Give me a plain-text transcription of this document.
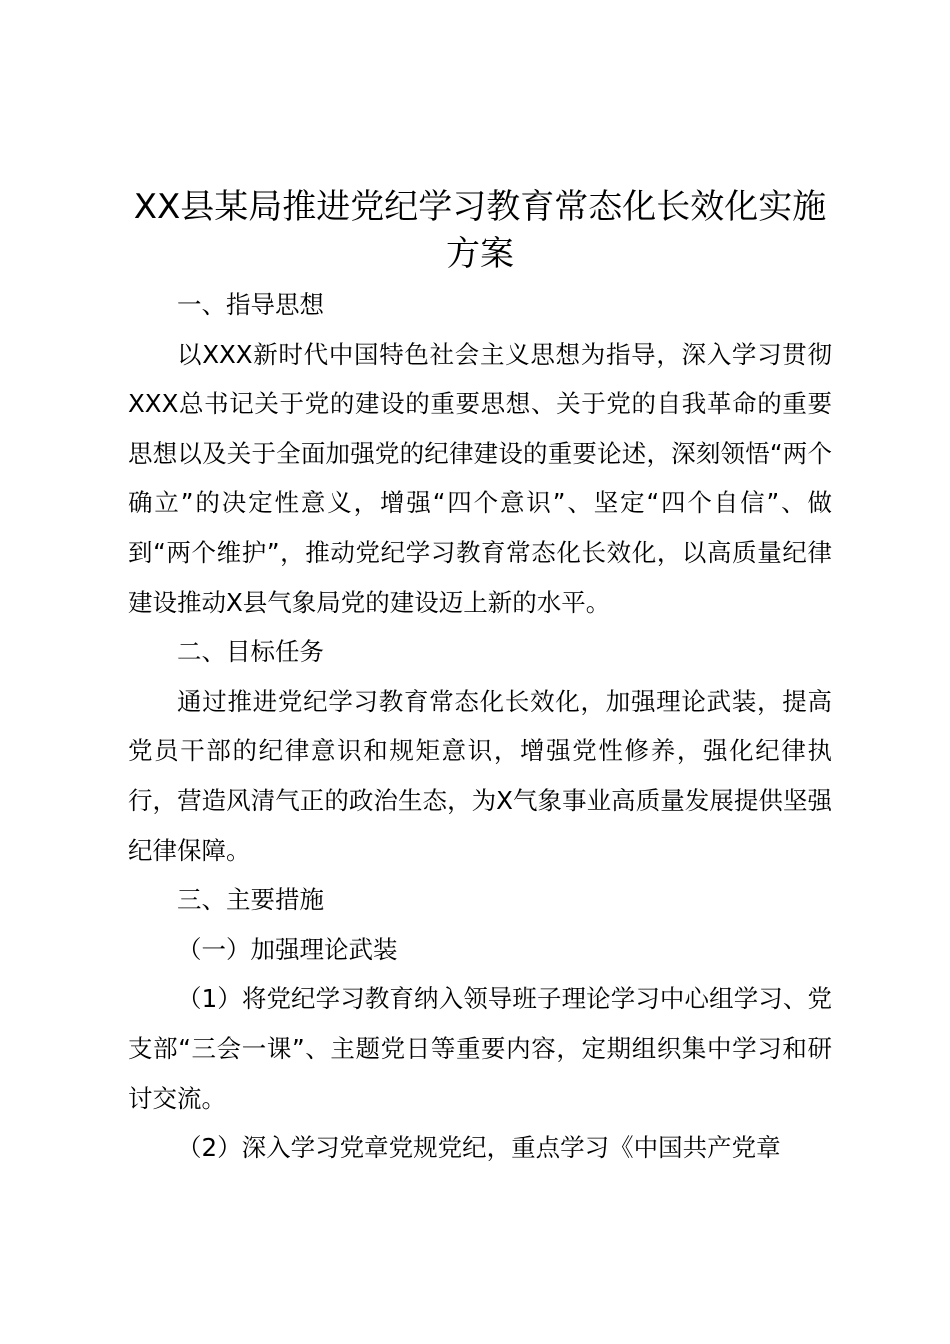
XX县某局推进党纪学习教育常态化长效化实施方案

一、指导思想

以XXX新时代中国特色社会主义思想为指导，深入学习贯彻XXX总书记关于党的建设的重要思想、关于党的自我革命的重要思想以及关于全面加强党的纪律建设的重要论述，深刻领悟“两个确立”的决定性意义，增强“四个意识”、坚定“四个自信”、做到“两个维护”，推动党纪学习教育常态化长效化，以高质量纪律建设推动X县气象局党的建设迈上新的水平。

二、目标任务

通过推进党纪学习教育常态化长效化，加强理论武装，提高党员干部的纪律意识和规矩意识，增强党性修养，强化纪律执行，营造风清气正的政治生态，为X气象事业高质量发展提供坚强纪律保障。

三、主要措施

（一）加强理论武装

（1）将党纪学习教育纳入领导班子理论学习中心组学习、党支部“三会一课”、主题党日等重要内容，定期组织集中学习和研讨交流。

（2）深入学习党章党规党纪，重点学习《中国共产党章
